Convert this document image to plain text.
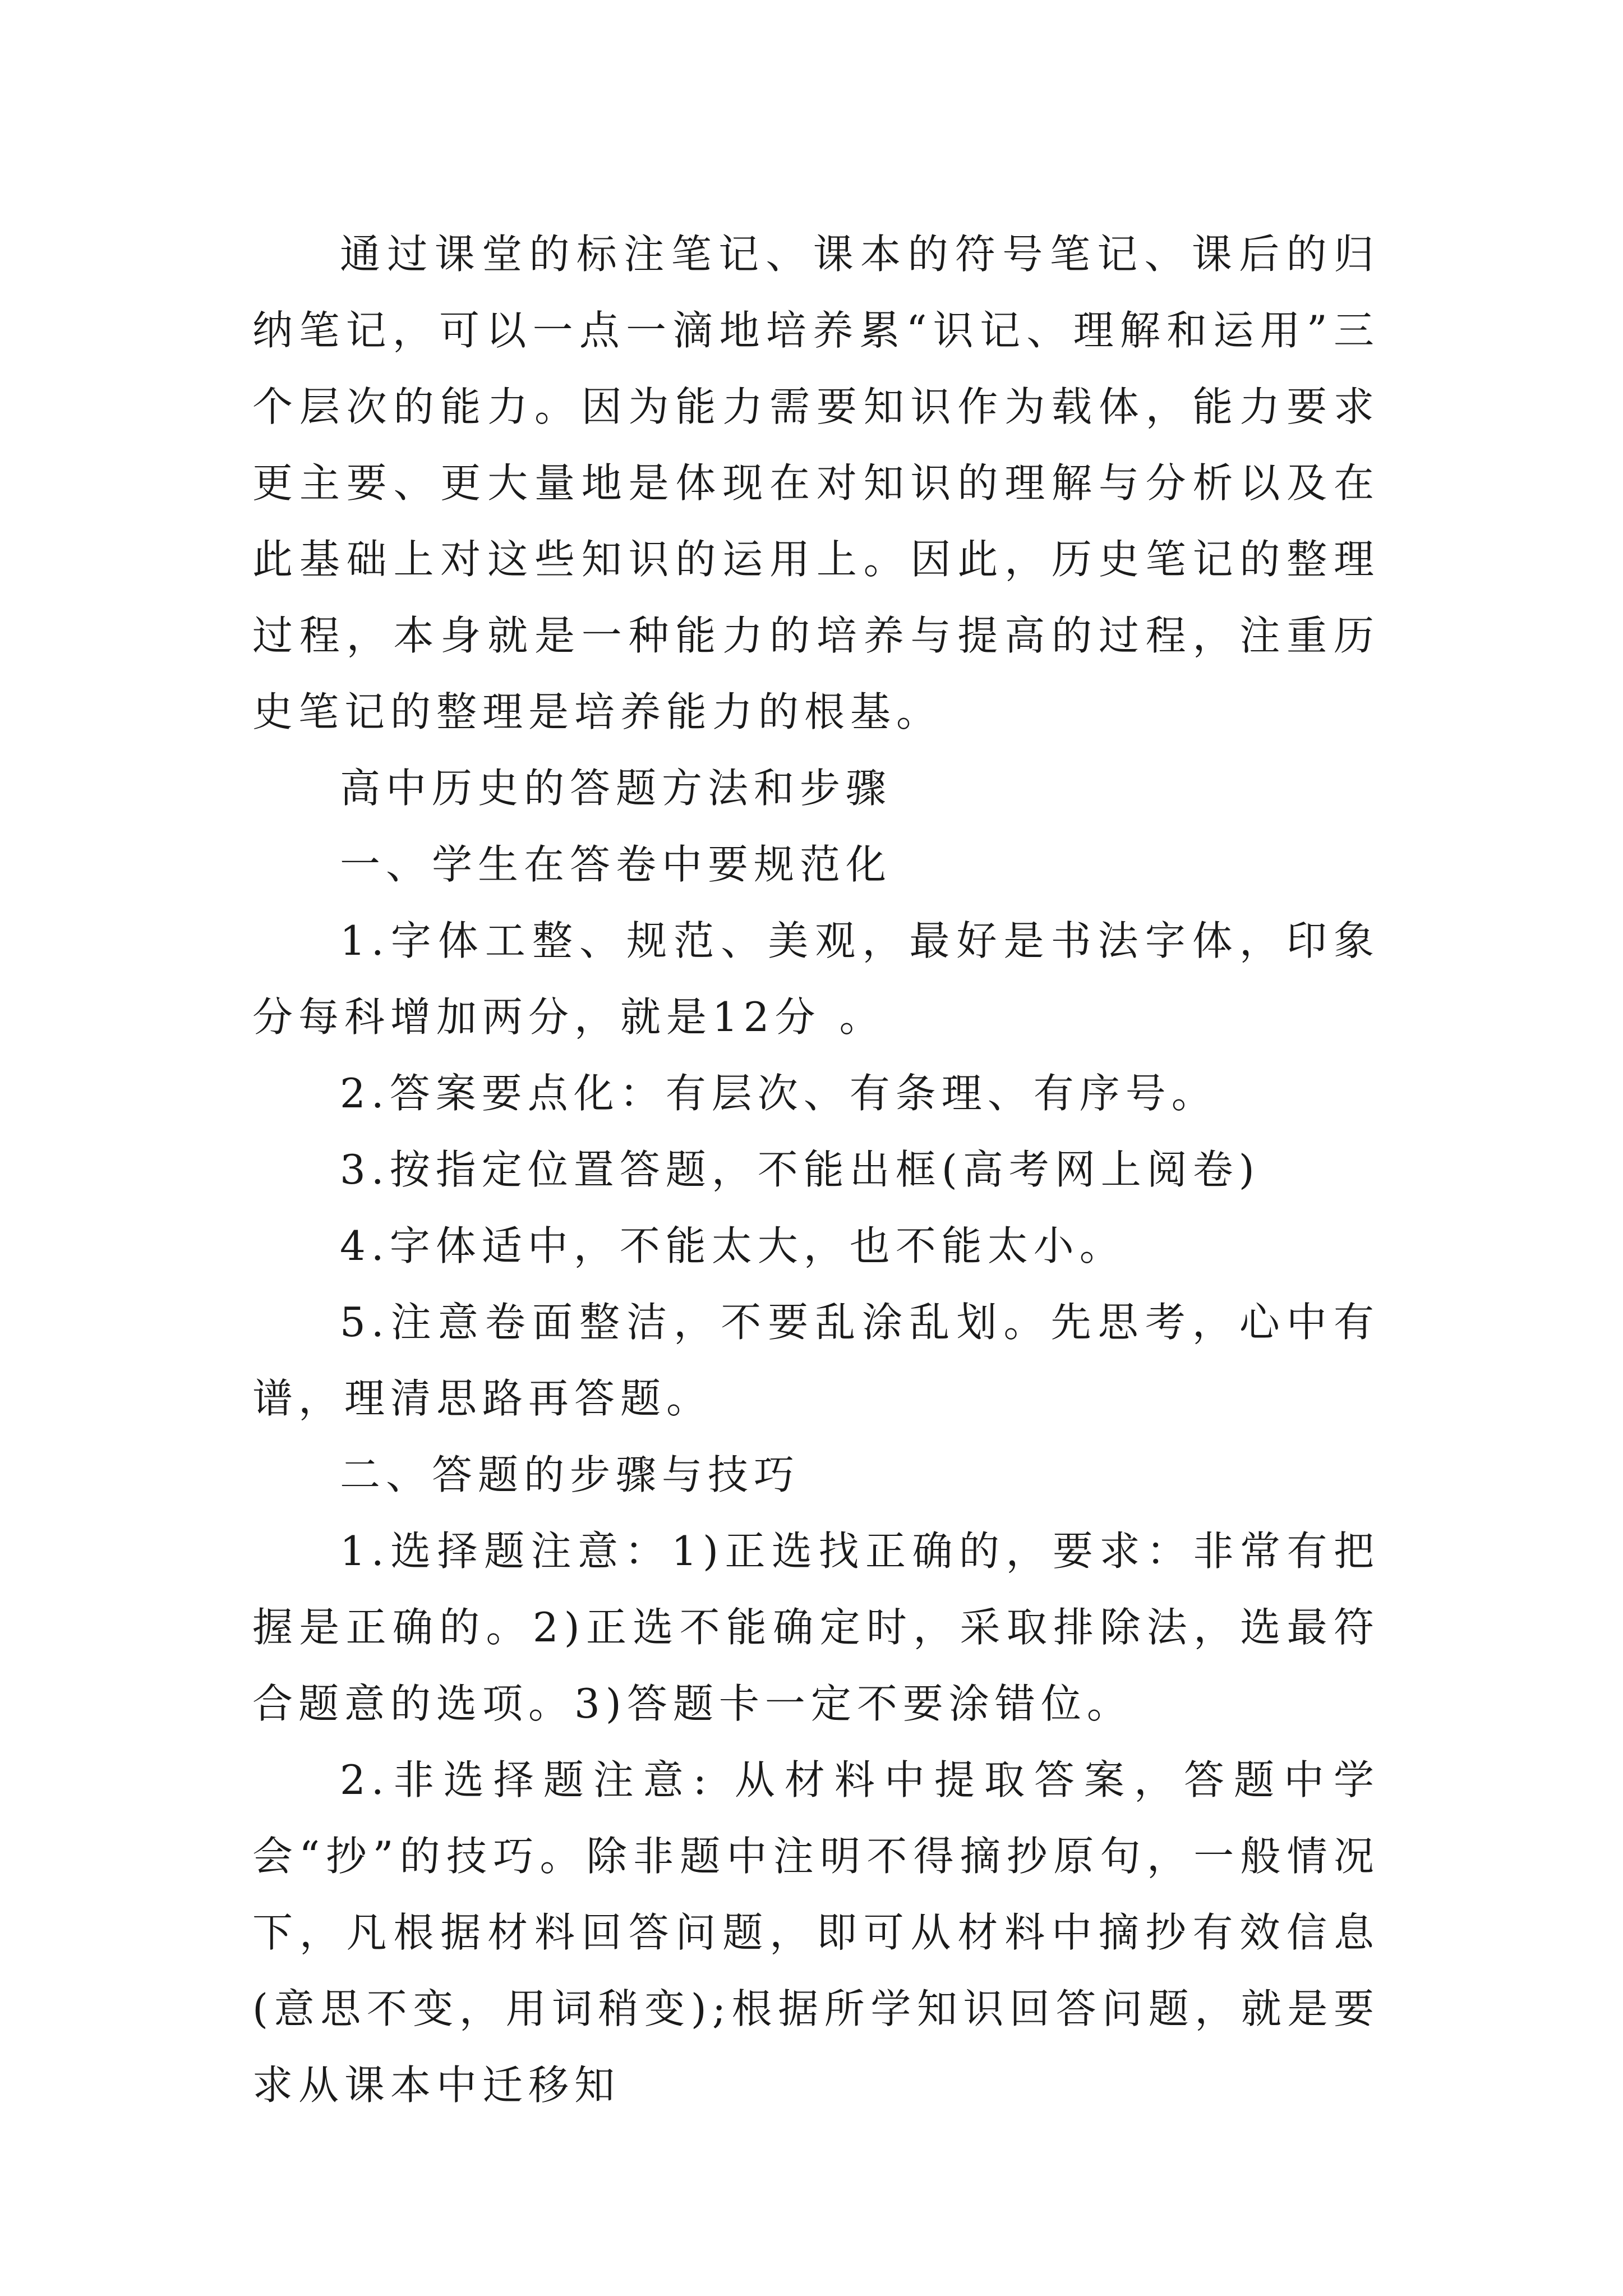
通过课堂的标注笔记、课本的符号笔记、课后的归纳笔记，可以一点一滴地培养累“识记、理解和运用”三个层次的能力。因为能力需要知识作为载体，能力要求更主要、更大量地是体现在对知识的理解与分析以及在此基础上对这些知识的运用上。因此，历史笔记的整理过程，本身就是一种能力的培养与提高的过程，注重历史笔记的整理是培养能力的根基。

高中历史的答题方法和步骤

一、学生在答卷中要规范化

1.字体工整、规范、美观，最好是书法字体，印象分每科增加两分，就是12分 。

2.答案要点化：有层次、有条理、有序号。

3.按指定位置答题，不能出框(高考网上阅卷)

4.字体适中，不能太大，也不能太小。

5.注意卷面整洁，不要乱涂乱划。先思考，心中有谱，理清思路再答题。

二、答题的步骤与技巧

1.选择题注意：1)正选找正确的，要求：非常有把握是正确的。2)正选不能确定时，采取排除法，选最符合题意的选项。3)答题卡一定不要涂错位。

2.非选择题注意: 从材料中提取答案，答题中学会“抄”的技巧。除非题中注明不得摘抄原句，一般情况下，凡根据材料回答问题，即可从材料中摘抄有效信息(意思不变，用词稍变);根据所学知识回答问题，就是要求从课本中迁移知
